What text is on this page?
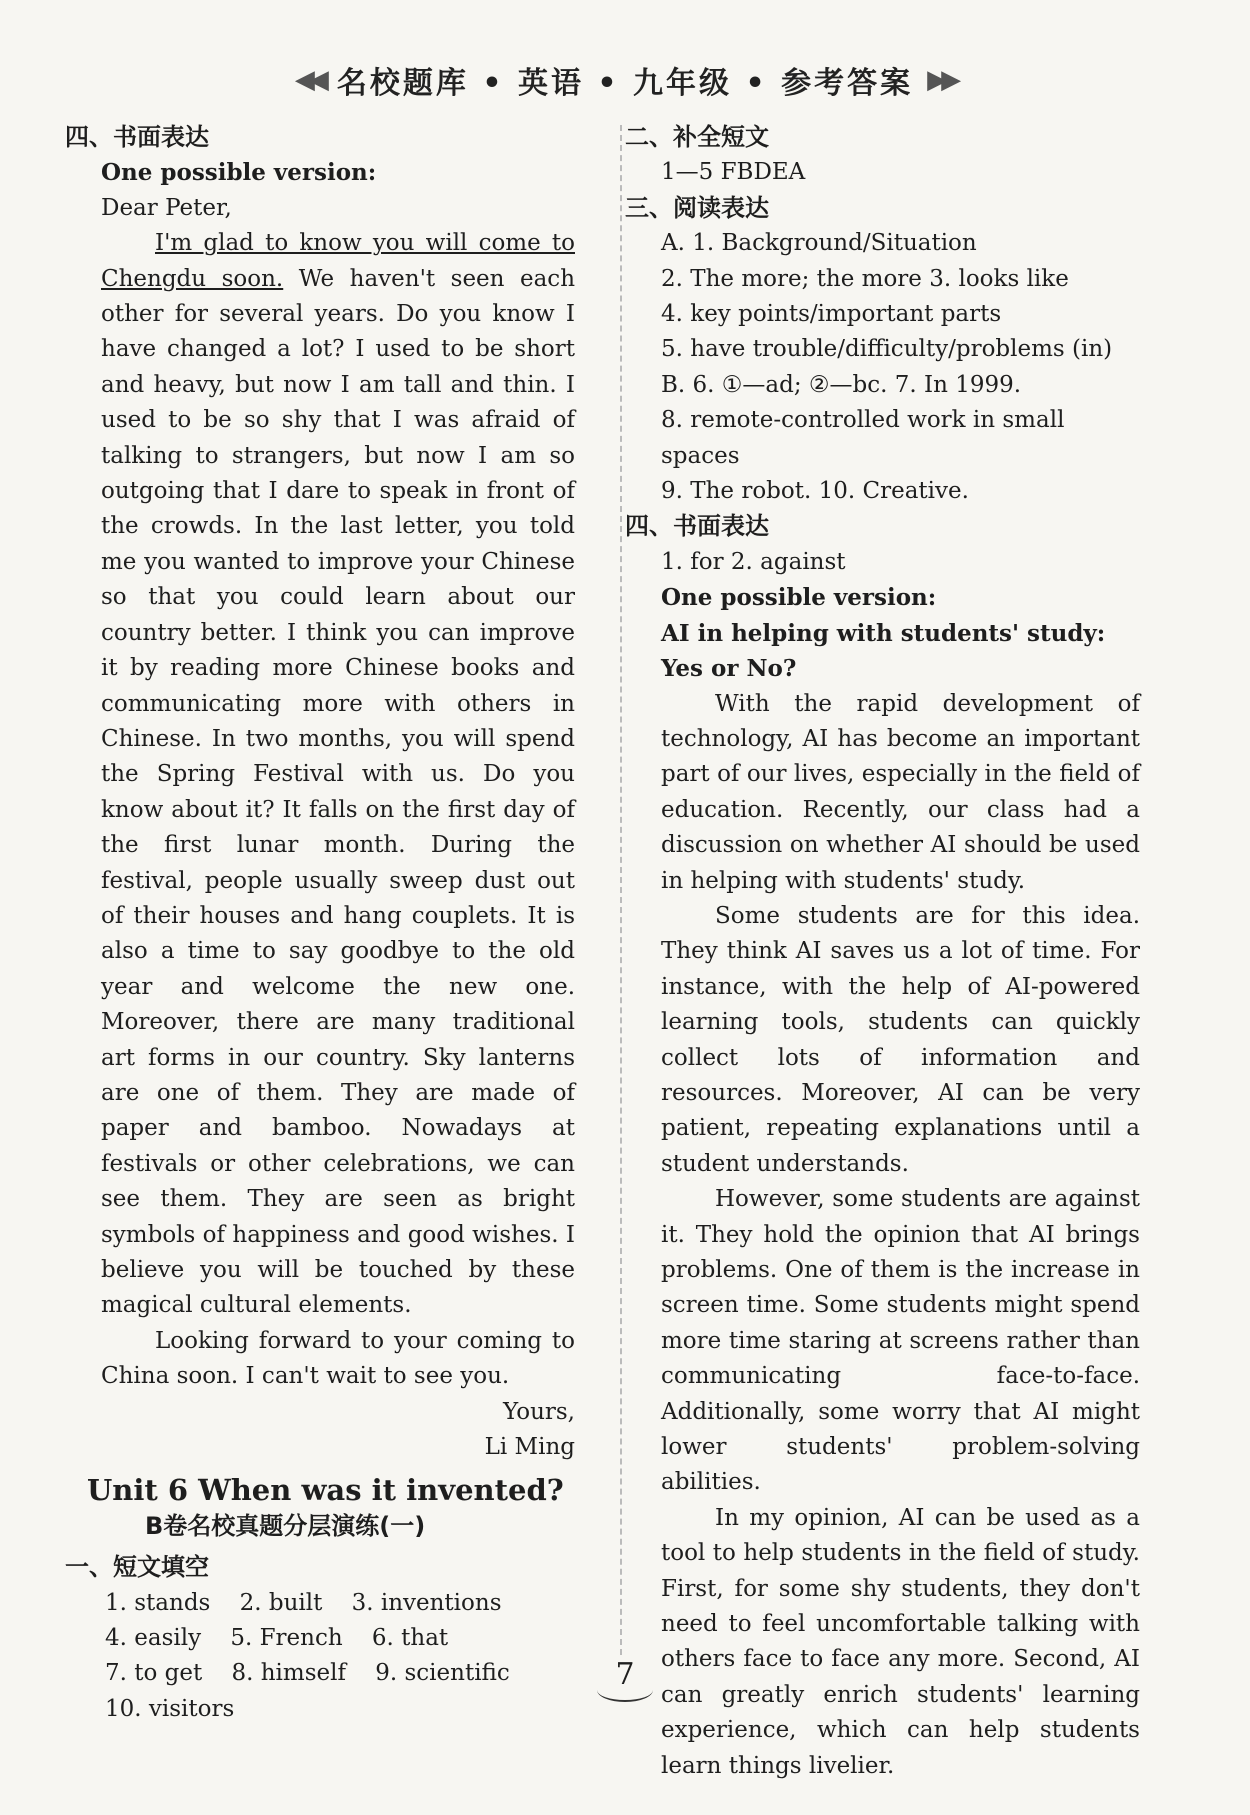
◀◀ 名校题库 • 英语 • 九年级 • 参考答案 ▶▶
四、书面表达
One possible version:
Dear Peter,
I'm glad to know you will come to Chengdu soon. We haven't seen each other for several years. Do you know I have changed a lot? I used to be short and heavy, but now I am tall and thin. I used to be so shy that I was afraid of talking to strangers, but now I am so outgoing that I dare to speak in front of the crowds. In the last letter, you told me you wanted to improve your Chinese so that you could learn about our country better. I think you can improve it by reading more Chinese books and communicating more with others in Chinese. In two months, you will spend the Spring Festival with us. Do you know about it? It falls on the first day of the first lunar month. During the festival, people usually sweep dust out of their houses and hang couplets. It is also a time to say goodbye to the old year and welcome the new one. Moreover, there are many traditional art forms in our country. Sky lanterns are one of them. They are made of paper and bamboo. Nowadays at festivals or other celebrations, we can see them. They are seen as bright symbols of happiness and good wishes. I believe you will be touched by these magical cultural elements.
Looking forward to your coming to China soon. I can't wait to see you.
Yours,
Li Ming
Unit 6 When was it invented?
B卷名校真题分层演练(一)
一、短文填空
1. stands    2. built    3. inventions
4. easily    5. French    6. that
7. to get    8. himself    9. scientific
10. visitors
二、补全短文
1—5 FBDEA
三、阅读表达
A. 1. Background/Situation
2. The more; the more 3. looks like
4. key points/important parts
5. have trouble/difficulty/problems (in)
B. 6. ①—ad; ②—bc. 7. In 1999.
8. remote-controlled work in small spaces
9. The robot. 10. Creative.
四、书面表达
1. for 2. against
One possible version:
AI in helping with students' study: Yes or No?
With the rapid development of technology, AI has become an important part of our lives, especially in the field of education. Recently, our class had a discussion on whether AI should be used in helping with students' study.
Some students are for this idea. They think AI saves us a lot of time. For instance, with the help of AI-powered learning tools, students can quickly collect lots of information and resources. Moreover, AI can be very patient, repeating explanations until a student understands.
However, some students are against it. They hold the opinion that AI brings problems. One of them is the increase in screen time. Some students might spend more time staring at screens rather than communicating face-to-face. Additionally, some worry that AI might lower students' problem-solving abilities.
In my opinion, AI can be used as a tool to help students in the field of study. First, for some shy students, they don't need to feel uncomfortable talking with others face to face any more. Second, AI can greatly enrich students' learning experience, which can help students learn things livelier.
7
